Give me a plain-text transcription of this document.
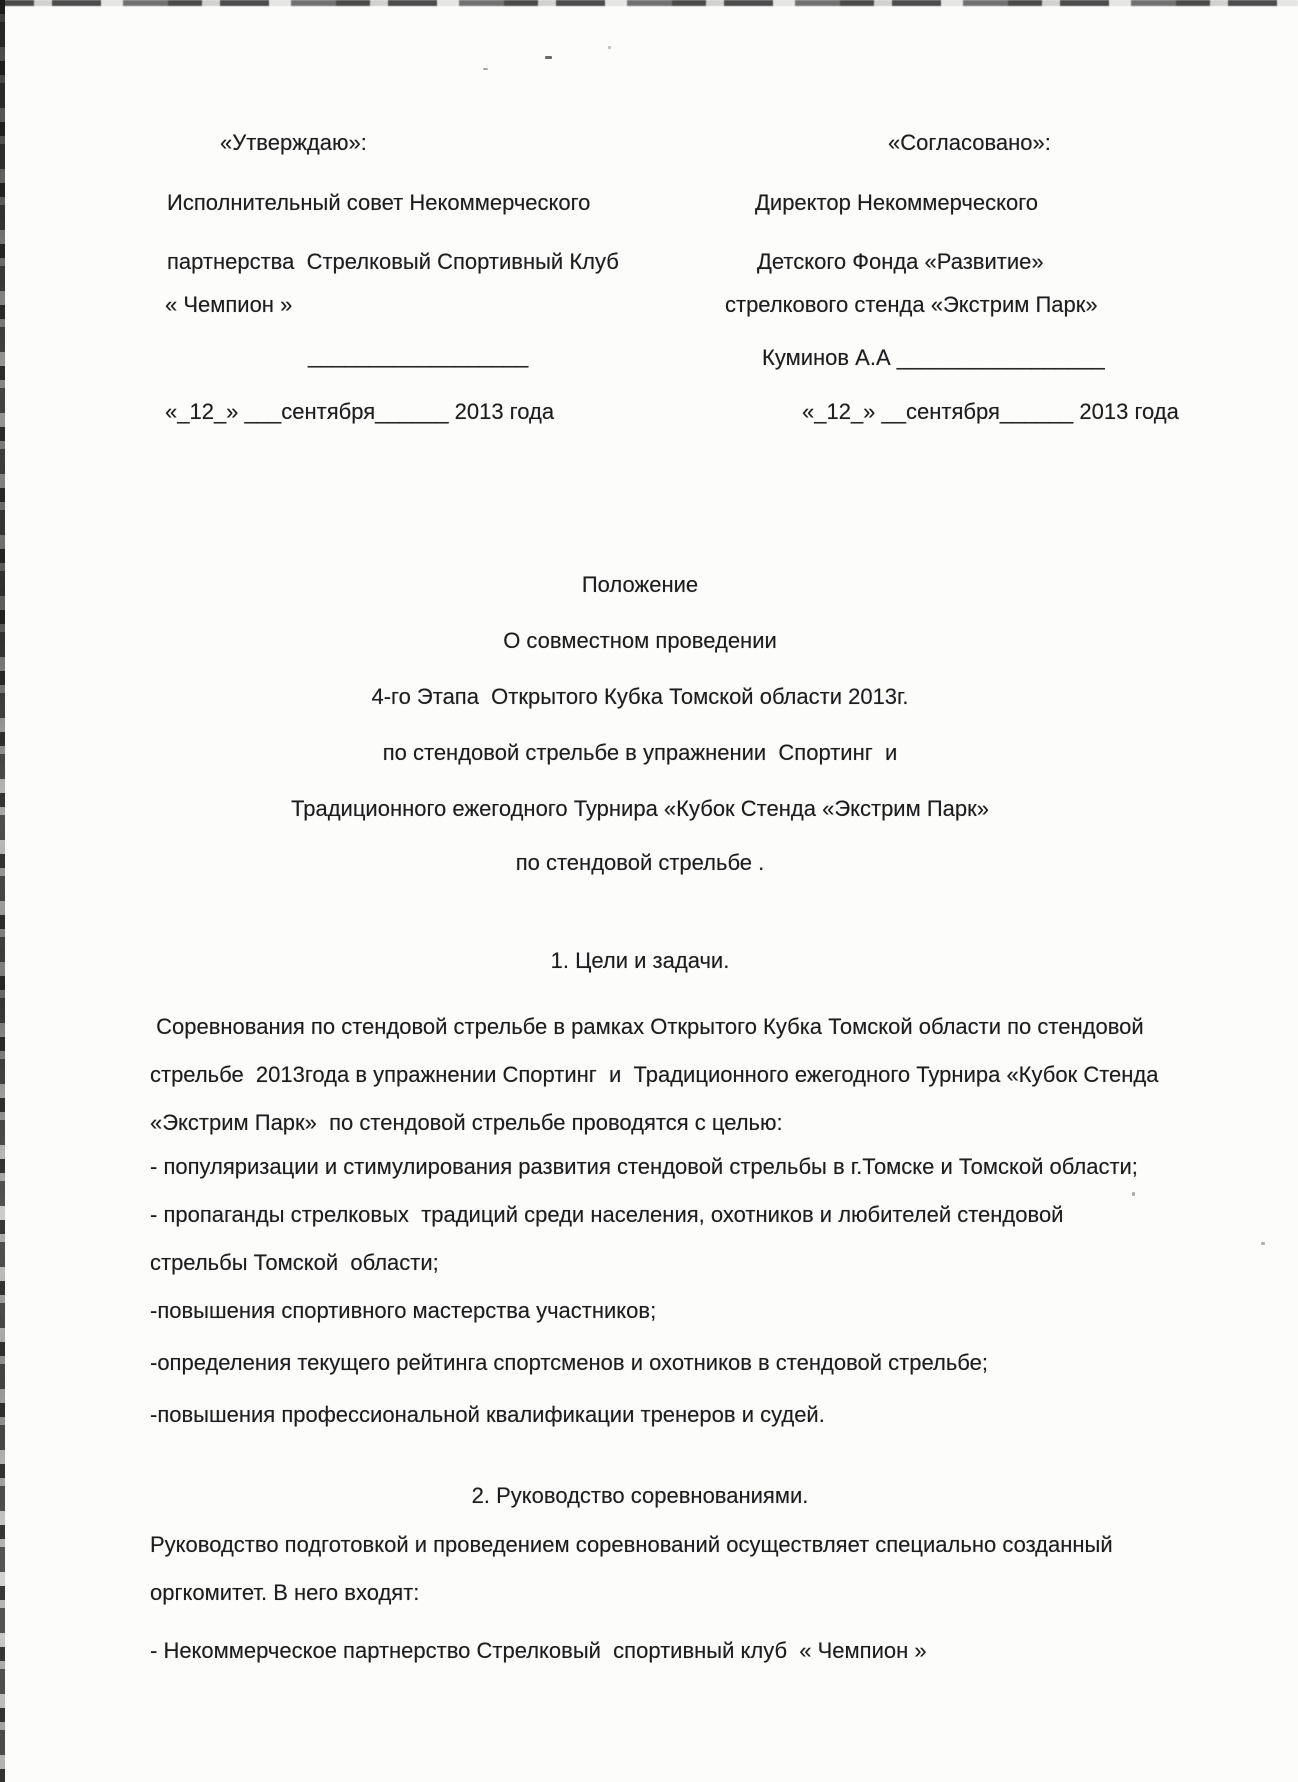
«Утверждаю»:
Исполнительный совет Некоммерческого
партнерства  Стрелковый Спортивный Клуб
« Чемпион »
__________________
«_12_» ___сентября______ 2013 года
«Согласовано»:
Директор Некоммерческого
Детского Фонда «Развитие»
стрелкового стенда «Экстрим Парк»
Куминов А.А _________________
«_12_» __сентября______ 2013 года
Положение
О совместном проведении
4-го Этапа  Открытого Кубка Томской области 2013г.
по стендовой стрельбе в упражнении  Спортинг  и
Традиционного ежегодного Турнира «Кубок Стенда «Экстрим Парк»
по стендовой стрельбе .
1. Цели и задачи.
Соревнования по стендовой стрельбе в рамках Открытого Кубка Томской области по стендовой стрельбе  2013года в упражнении Спортинг  и  Традиционного ежегодного Турнира «Кубок Стенда «Экстрим Парк»  по стендовой стрельбе проводятся с целью:
- популяризации и стимулирования развития стендовой стрельбы в г.Томске и Томской области;
- пропаганды стрелковых  традиций среди населения, охотников и любителей стендовой стрельбы Томской  области;
-повышения спортивного мастерства участников;
-определения текущего рейтинга спортсменов и охотников в стендовой стрельбе;
-повышения профессиональной квалификации тренеров и судей.
2. Руководство соревнованиями.
Руководство подготовкой и проведением соревнований осуществляет специально созданный оргкомитет. В него входят:
- Некоммерческое партнерство Стрелковый  спортивный клуб  « Чемпион »
